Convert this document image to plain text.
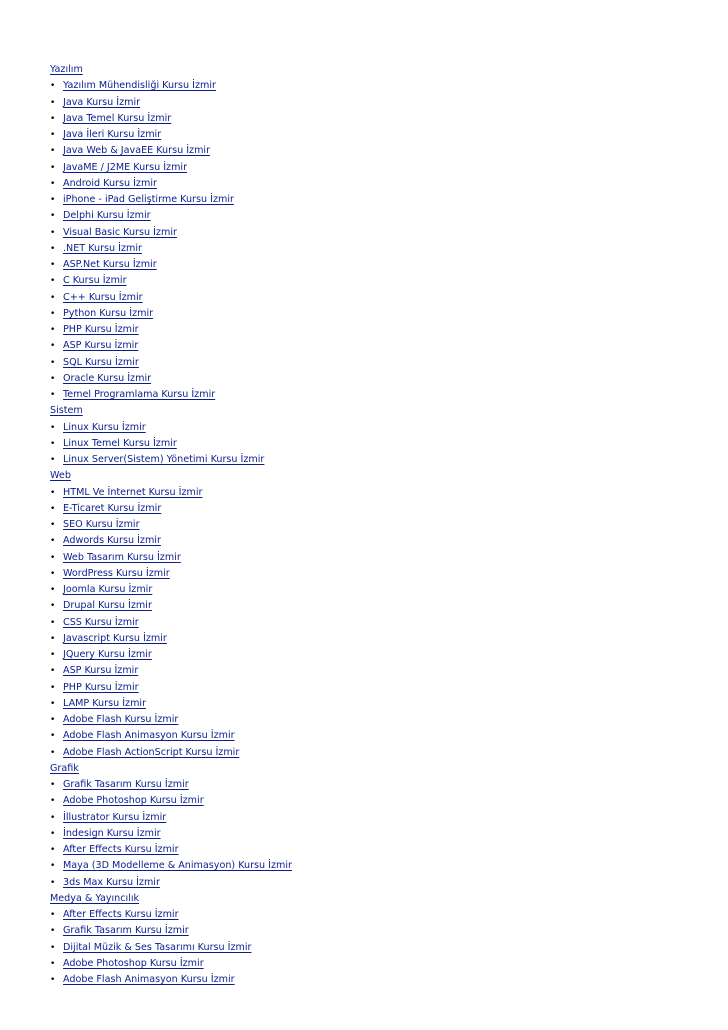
Yazılım
• Yazılım Mühendisliği Kursu İzmir
• Java Kursu İzmir
• Java Temel Kursu İzmir
• Java İleri Kursu İzmir
• Java Web & JavaEE Kursu İzmir
• JavaME / J2ME Kursu İzmir
• Android Kursu İzmir
• iPhone - iPad Geliştirme Kursu İzmir
• Delphi Kursu İzmir
• Visual Basic Kursu İzmir
• .NET Kursu İzmir
• ASP.Net Kursu İzmir
• C Kursu İzmir
• C++ Kursu İzmir
• Python Kursu İzmir
• PHP Kursu İzmir
• ASP Kursu İzmir
• SQL Kursu İzmir
• Oracle Kursu İzmir
• Temel Programlama Kursu İzmir
Sistem
• Linux Kursu İzmir
• Linux Temel Kursu İzmir
• Linux Server(Sistem) Yönetimi Kursu İzmir
Web
• HTML Ve İnternet Kursu İzmir
• E-Ticaret Kursu İzmir
• SEO Kursu İzmir
• Adwords Kursu İzmir
• Web Tasarım Kursu İzmir
• WordPress Kursu İzmir
• Joomla Kursu İzmir
• Drupal Kursu İzmir
• CSS Kursu İzmir
• Javascript Kursu İzmir
• JQuery Kursu İzmir
• ASP Kursu İzmir
• PHP Kursu İzmir
• LAMP Kursu İzmir
• Adobe Flash Kursu İzmir
• Adobe Flash Animasyon Kursu İzmir
• Adobe Flash ActionScript Kursu İzmir
Grafik
• Grafik Tasarım Kursu İzmir
• Adobe Photoshop Kursu İzmir
• İllustrator Kursu İzmir
• İndesign Kursu İzmir
• After Effects Kursu İzmir
• Maya (3D Modelleme & Animasyon) Kursu İzmir
• 3ds Max Kursu İzmir
Medya & Yayıncılık
• After Effects Kursu İzmir
• Grafik Tasarım Kursu İzmir
• Dijital Müzik & Ses Tasarımı Kursu İzmir
• Adobe Photoshop Kursu İzmir
• Adobe Flash Animasyon Kursu İzmir
